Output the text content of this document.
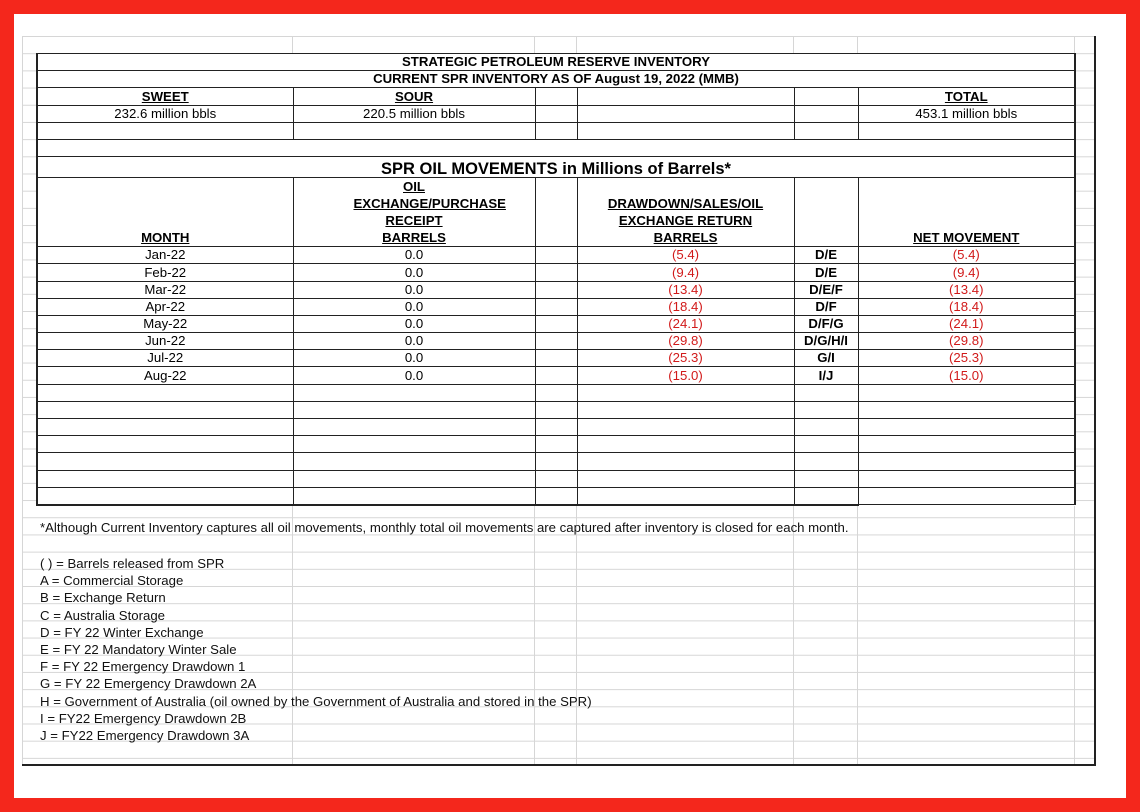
STRATEGIC PETROLEUM RESERVE INVENTORY					
CURRENT SPR INVENTORY AS OF August 19, 2022 (MMB)					
SWEET	SOUR				TOTAL
232.6 million bbls	220.5 million bbls				453.1 million bbls

SPR OIL MOVEMENTS in Millions of Barrels*					
MONTH	OIL EXCHANGE/PURCHASE RECEIPT BARRELS		DRAWDOWN/SALES/OIL EXCHANGE RETURN BARRELS		NET MOVEMENT
Jan-22	0.0		(5.4)	D/E	(5.4)
Feb-22	0.0		(9.4)	D/E	(9.4)
Mar-22	0.0		(13.4)	D/E/F	(13.4)
Apr-22	0.0		(18.4)	D/F	(18.4)
May-22	0.0		(24.1)	D/F/G	(24.1)
Jun-22	0.0		(29.8)	D/G/H/I	(29.8)
Jul-22	0.0		(25.3)	G/I	(25.3)
Aug-22	0.0		(15.0)	I/J	(15.0)

*Although Current Inventory captures all oil movements, monthly total oil movements are captured after inventory is closed for each month.
( ) = Barrels released from SPR
A = Commercial Storage
B = Exchange Return
C = Australia Storage
D = FY 22 Winter Exchange
E = FY 22 Mandatory Winter Sale
F = FY 22 Emergency Drawdown 1
G = FY 22 Emergency Drawdown 2A
H = Government of Australia (oil owned by the Government of Australia and stored in the SPR)
I = FY22 Emergency Drawdown 2B
J = FY22 Emergency Drawdown 3A
